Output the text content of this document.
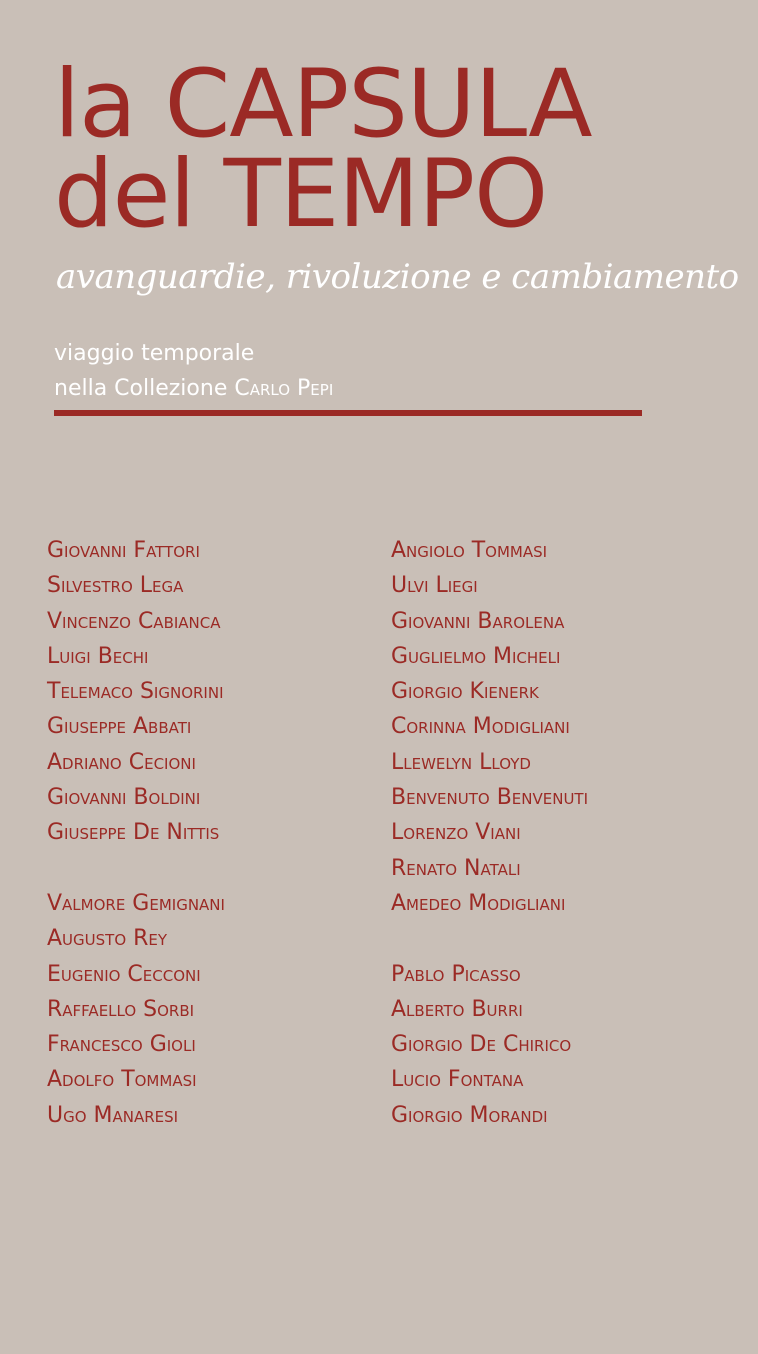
la CAPSULA
del TEMPO

avanguardie, rivoluzione e cambiamento

viaggio temporale
nella Collezione Carlo Pepi
Giovanni Fattori
Silvestro Lega
Vincenzo Cabianca
Luigi Bechi
Telemaco Signorini
Giuseppe Abbati
Adriano Cecioni
Giovanni Boldini
Giuseppe De Nittis
Valmore Gemignani
Augusto Rey
Eugenio Cecconi
Raffaello Sorbi
Francesco Gioli
Adolfo Tommasi
Ugo Manaresi
Angiolo Tommasi
Ulvi Liegi
Giovanni Barolena
Guglielmo Micheli
Giorgio Kienerk
Corinna Modigliani
Llewelyn Lloyd
Benvenuto Benvenuti
Lorenzo Viani
Renato Natali
Amedeo Modigliani
Pablo Picasso
Alberto Burri
Giorgio De Chirico
Lucio Fontana
Giorgio Morandi
